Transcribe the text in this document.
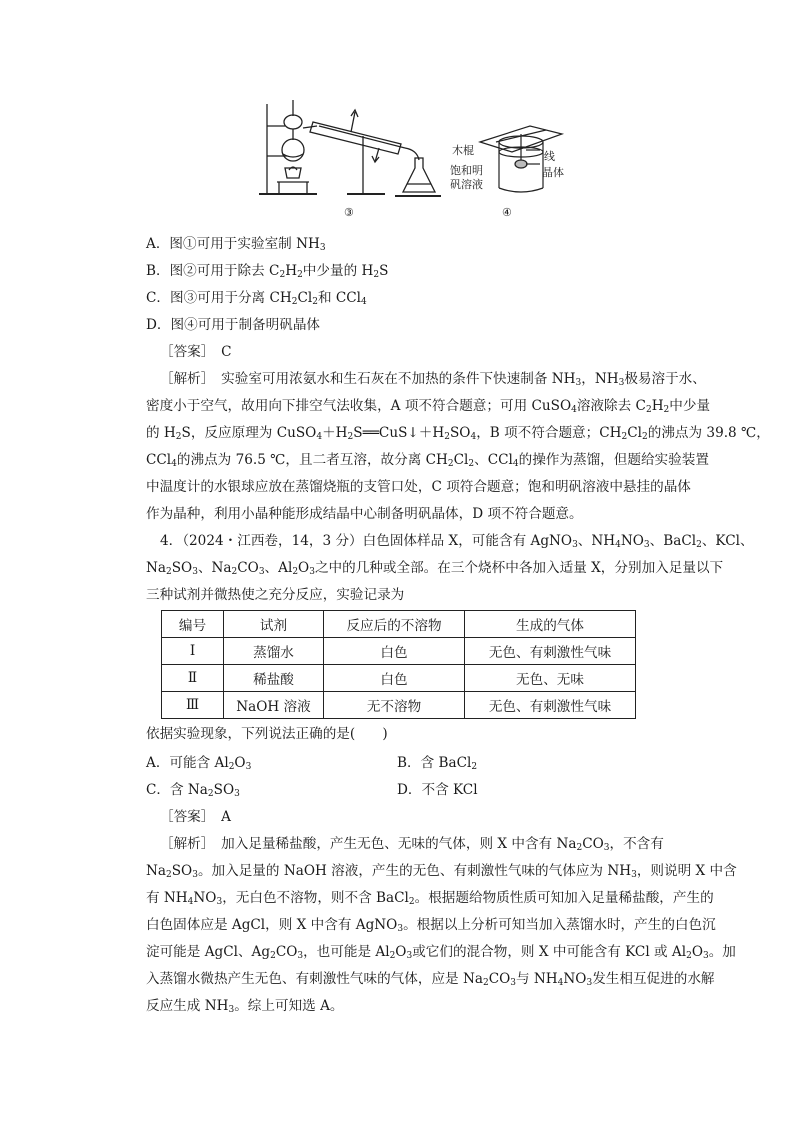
③
木棍
饱和明
矾溶液
线
晶体
④
A．图①可用于实验室制 $NH_3$
B．图②可用于除去 $C_2H_2$中少量的 $H_2S$
C．图③可用于分离 $CH_2Cl_2$和 CCl$_4$
D．图④可用于制备明矾晶体
［答案］　C
［解析］　实验室可用浓氨水和生石灰在不加热的条件下快速制备 $NH_3$，$NH_3$极易溶于水、
密度小于空气，故用向下排空气法收集，A 项不符合题意；可用 CuSO$_4$溶液除去 $C_2H_2$中少量
的 $H_2S$，反应原理为 $CuSO_4+H_2S══CuS↓+H_2SO_4$，B 项不符合题意；$CH_2Cl_2$的沸点为 39.8 ℃，
CCl$_4$的沸点为 76.5 ℃，且二者互溶，故分离 $CH_2Cl_2$、CCl$_4$的操作为蒸馏，但题给实验装置
中温度计的水银球应放在蒸馏烧瓶的支管口处，C 项符合题意；饱和明矾溶液中悬挂的晶体
作为晶种，利用小晶种能形成结晶中心制备明矾晶体，D 项不符合题意。
4．（2024・江西卷，14，3 分）白色固体样品 X，可能含有 AgNO$_3$、$NH_4NO_3$、BaCl$_2$、KCl、
$Na_2SO_3$、$Na_2CO_3$、$Al_2O_3$之中的几种或全部。在三个烧杯中各加入适量 X，分别加入足量以下
三种试剂并微热使之充分反应，实验记录为
编号	试剂	反应后的不溶物	生成的气体
Ⅰ	蒸馏水	白色	无色、有刺激性气味
Ⅱ	稀盐酸	白色	无色、无味
Ⅲ	NaOH 溶液	无不溶物	无色、有刺激性气味
依据实验现象，下列说法正确的是(　　)
A．可能含 $Al_2O_3$	B．含 BaCl$_2$
C．含 $Na_2SO_3$	D．不含 KCl
［答案］　A
［解析］　加入足量稀盐酸，产生无色、无味的气体，则 X 中含有 $Na_2CO_3$，不含有
$Na_2SO_3$。加入足量的 NaOH 溶液，产生的无色、有刺激性气味的气体应为 $NH_3$，则说明 X 中含
有 $NH_4NO_3$，无白色不溶物，则不含 BaCl$_2$。根据题给物质性质可知加入足量稀盐酸，产生的
白色固体应是 AgCl，则 X 中含有 AgNO$_3$。根据以上分析可知当加入蒸馏水时，产生的白色沉
淀可能是 AgCl、$Ag_2CO_3$，也可能是 $Al_2O_3$或它们的混合物，则 X 中可能含有 KCl 或 $Al_2O_3$。加
入蒸馏水微热产生无色、有刺激性气味的气体，应是 $Na_2CO_3$与 $NH_4NO_3$发生相互促进的水解
反应生成 $NH_3$。综上可知选 A。
